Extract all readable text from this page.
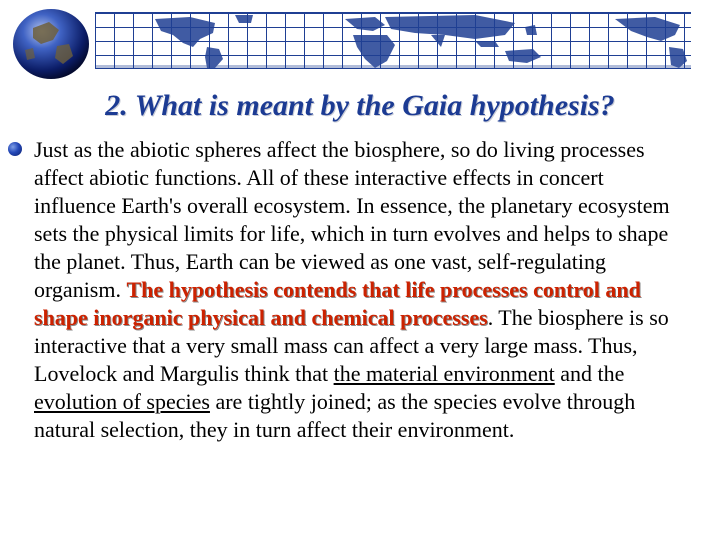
2. What is meant by the Gaia hypothesis?

Just as the abiotic spheres affect the biosphere, so do living processes affect abiotic functions. All of these interactive effects in concert influence Earth's overall ecosystem. In essence, the planetary ecosystem sets the physical limits for life, which in turn evolves and helps to shape the planet. Thus, Earth can be viewed as one vast, self-regulating organism. The hypothesis contends that life processes control and shape inorganic physical and chemical processes. The biosphere is so interactive that a very small mass can affect a very large mass. Thus, Lovelock and Margulis think that the material environment and the evolution of species are tightly joined; as the species evolve through natural selection, they in turn affect their environment.
